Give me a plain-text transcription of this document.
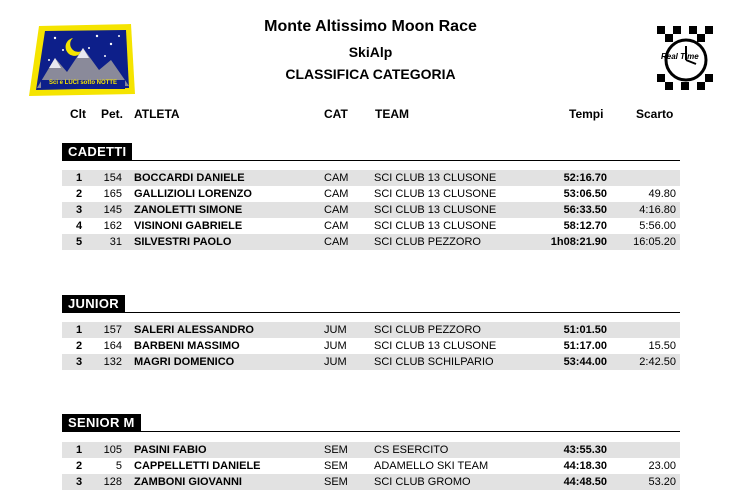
Sci e LUCI sotto NOTTE
Real Time
Monte Altissimo Moon Race
SkiAlp
CLASSIFICA CATEGORIA
Clt Pet. ATLETA	CAT TEAM	Tempi	Scarto
CADETTI
1	154 BOCCARDI DANIELE	CAM SCI CLUB 13 CLUSONE	52:16.70
2	165 GALLIZIOLI LORENZO	CAM SCI CLUB 13 CLUSONE	53:06.50	49.80
3	145 ZANOLETTI SIMONE	CAM SCI CLUB 13 CLUSONE	56:33.50	4:16.80
4	162 VISINONI GABRIELE	CAM SCI CLUB 13 CLUSONE	58:12.70	5:56.00
5	31 SILVESTRI PAOLO	CAM SCI CLUB PEZZORO	1h08:21.90	16:05.20
JUNIOR
1	157 SALERI ALESSANDRO	JUM SCI CLUB PEZZORO	51:01.50
2	164 BARBENI MASSIMO	JUM SCI CLUB 13 CLUSONE	51:17.00	15.50
3	132 MAGRI DOMENICO	JUM SCI CLUB SCHILPARIO	53:44.00	2:42.50
SENIOR M
1	105 PASINI FABIO	SEM CS ESERCITO	43:55.30
2	5 CAPPELLETTI DANIELE	SEM ADAMELLO SKI TEAM	44:18.30	23.00
3	128 ZAMBONI GIOVANNI	SEM SCI CLUB GROMO	44:48.50	53.20
